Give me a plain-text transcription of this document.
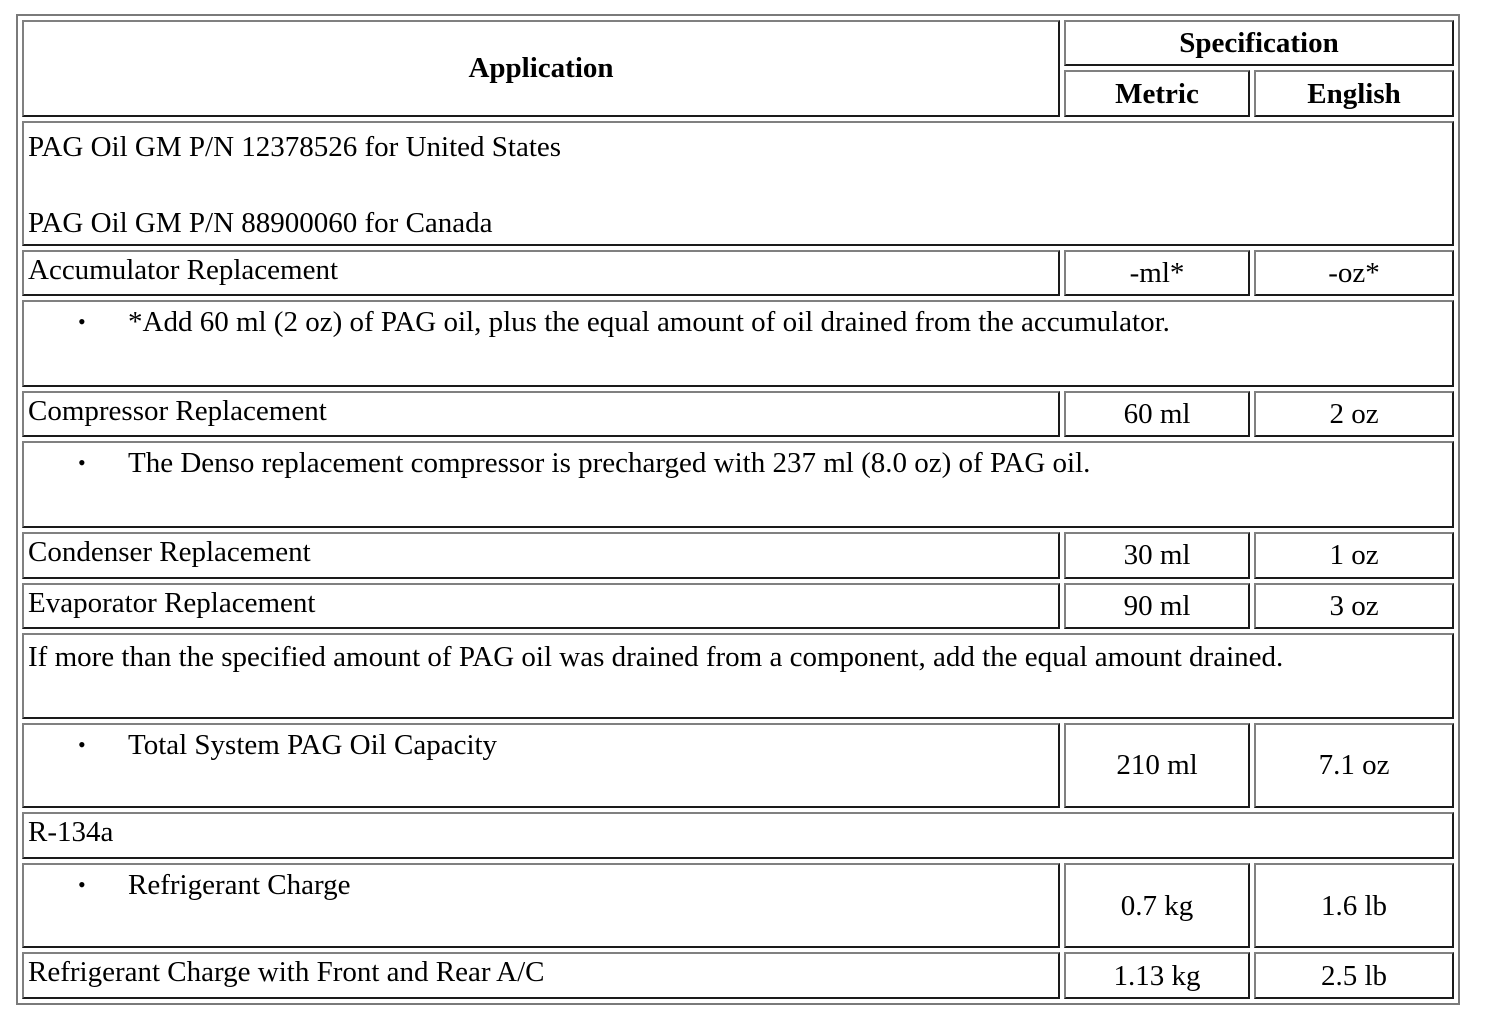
Application	Specification	
	Metric	English

PAG Oil GM P/N 12378526 for United States
PAG Oil GM P/N 88900060 for Canada		

Accumulator Replacement	-ml*	-oz*

• *Add 60 ml (2 oz) of PAG oil, plus the equal amount of oil drained from the accumulator.		

Compressor Replacement	60 ml	2 oz

• The Denso replacement compressor is precharged with 237 ml (8.0 oz) of PAG oil.		

Condenser Replacement	30 ml	1 oz
Evaporator Replacement	90 ml	3 oz

If more than the specified amount of PAG oil was drained from a component, add the equal amount drained.		

• Total System PAG Oil Capacity	210 ml	7.1 oz
R-134a		

• Refrigerant Charge	0.7 kg	1.6 lb
Refrigerant Charge with Front and Rear A/C	1.13 kg	2.5 lb
